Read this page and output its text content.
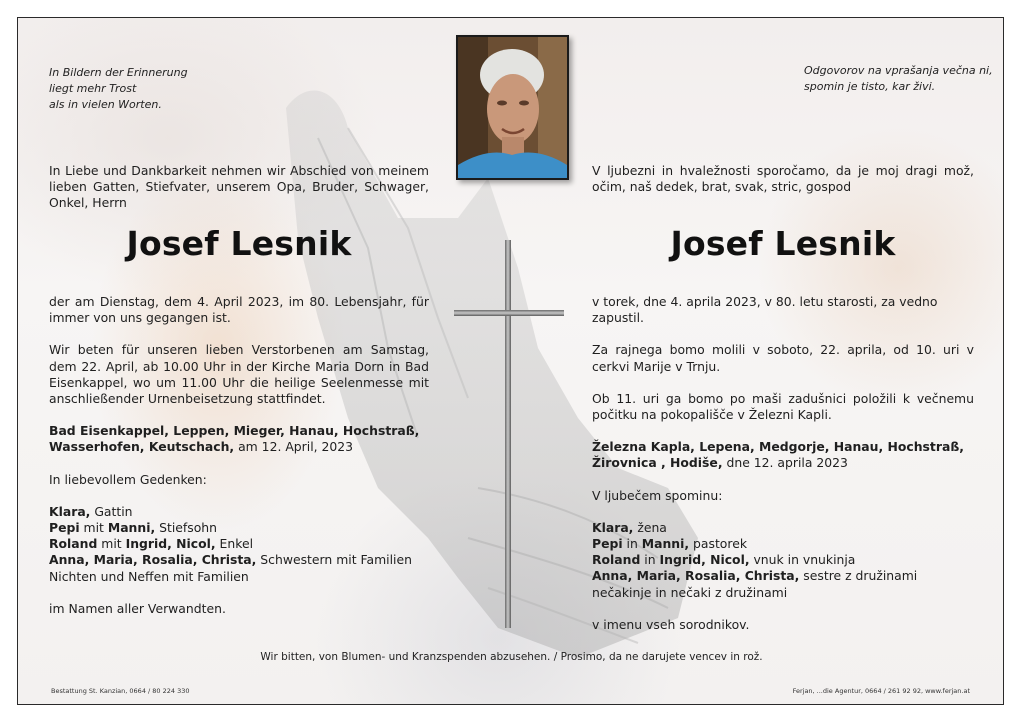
In Bildern der Erinnerung
liegt mehr Trost
als in vielen Worten.
Odgovorov na vprašanja večna ni,
spomin je tisto, kar živi.

In Liebe und Dankbarkeit nehmen wir Abschied von meinem lieben Gatten, Stiefvater, unserem Opa, Bruder, Schwager, Onkel, Herrn

Josef Lesnik

der am Dienstag, dem 4. April 2023, im 80. Lebensjahr, für immer von uns gegangen ist.

Wir beten für unseren lieben Verstorbenen am Samstag, dem 22. April, ab 10.00 Uhr in der Kirche Maria Dorn in Bad Eisenkappel, wo um 11.00 Uhr die heilige Seelenmesse mit anschließender Urnenbeisetzung stattfindet.

Bad Eisenkappel, Leppen, Mieger, Hanau, Hochstraß, Wasserhofen, Keutschach, am 12. April, 2023

In liebevollem Gedenken:

Klara, Gattin
Pepi mit Manni, Stiefsohn
Roland mit Ingrid, Nicol, Enkel
Anna, Maria, Rosalia, Christa, Schwestern mit Familien
Nichten und Neffen mit Familien

im Namen aller Verwandten.

V ljubezni in hvaležnosti sporočamo, da je moj dragi mož, očim, naš dedek, brat, svak, stric, gospod

Josef Lesnik

v torek, dne 4. aprila 2023, v 80. letu starosti, za vedno zapustil.

Za rajnega bomo molili v soboto, 22. aprila, od 10. uri v cerkvi Marije v Trnju.

Ob 11. uri ga bomo po maši zadušnici položili k večnemu počitku na pokopališče v Železni Kapli.

Železna Kapla, Lepena, Medgorje, Hanau, Hochstraß, Žirovnica , Hodiše, dne 12. aprila 2023

V ljubečem spominu:

Klara, žena
Pepi in Manni, pastorek
Roland in Ingrid, Nicol, vnuk in vnukinja
Anna, Maria, Rosalia, Christa, sestre z družinami
nečakinje in nečaki z družinami

v imenu vseh sorodnikov.

Wir bitten, von Blumen- und Kranzspenden abzusehen. / Prosimo, da ne darujete vencev in rož.
Bestattung St. Kanzian, 0664 / 80 224 330	Ferjan, ...die Agentur, 0664 / 261 92 92, www.ferjan.at
